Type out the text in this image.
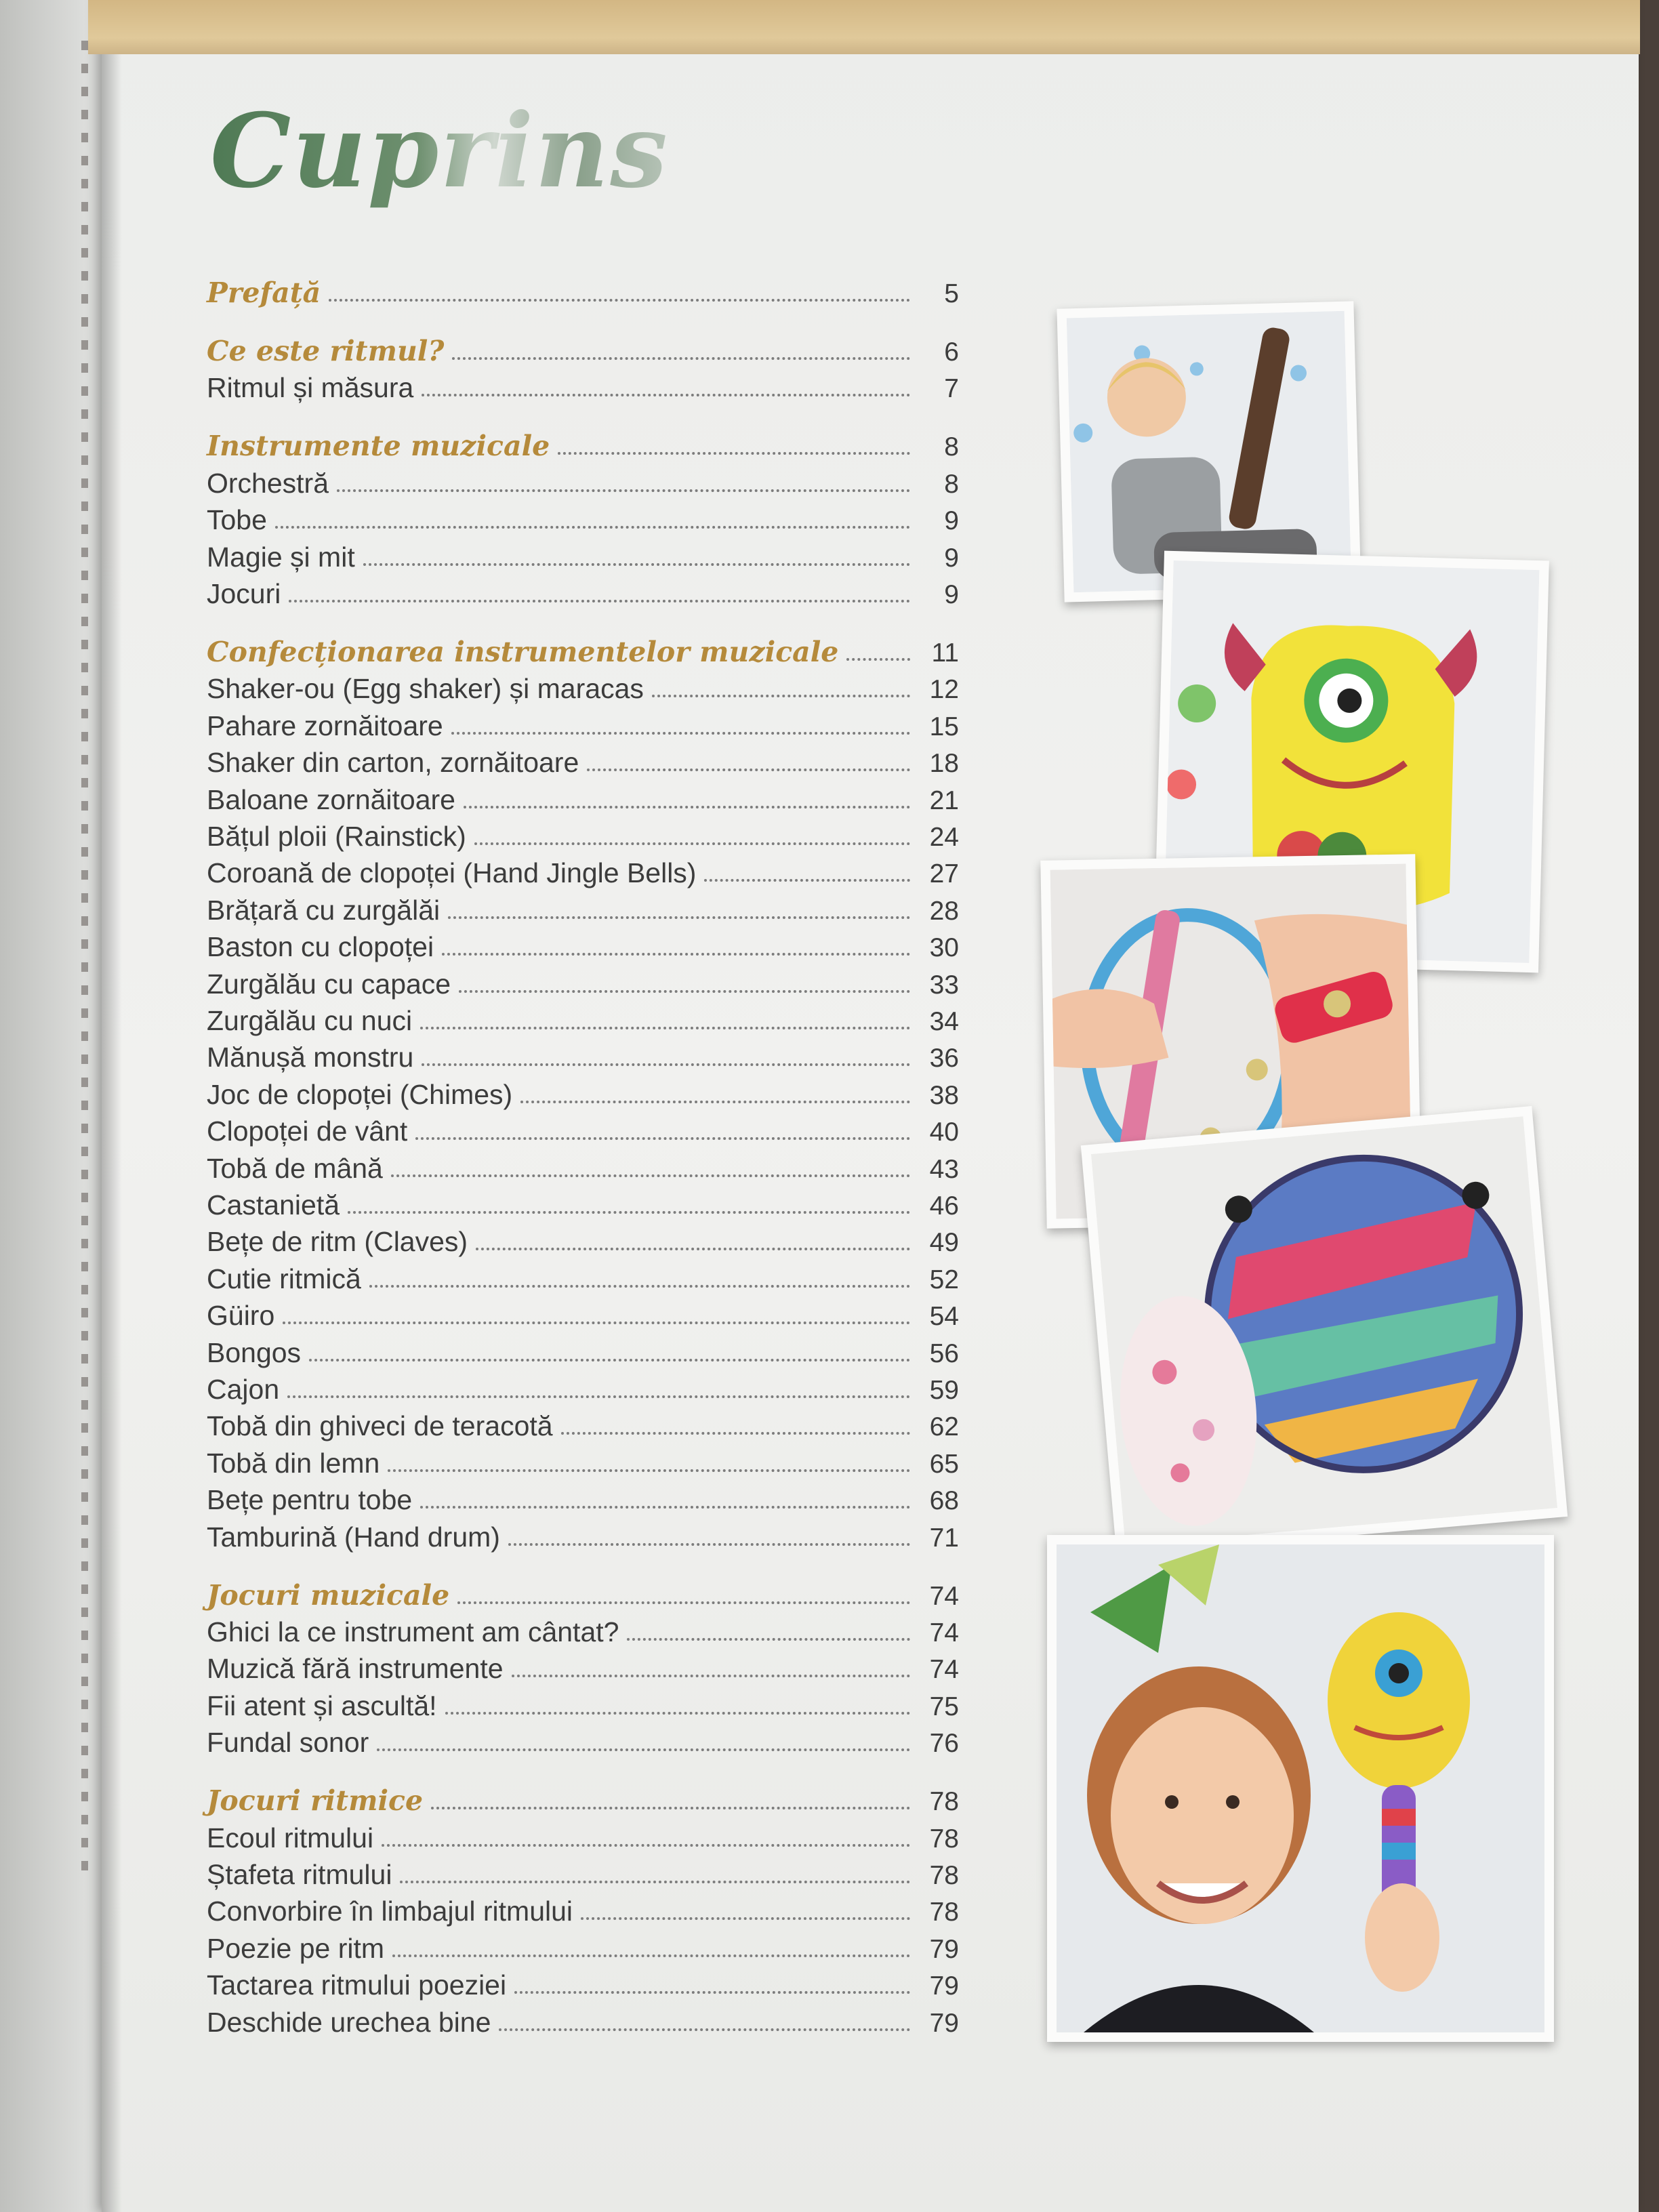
Cuprins
Prefață	5
Ce este ritmul?	6
Ritmul și măsura	7
Instrumente muzicale	8
Orchestră	8
Tobe	9
Magie și mit	9
Jocuri	9
Confecționarea instrumentelor muzicale	11
Shaker-ou (Egg shaker) și maracas	12
Pahare zornăitoare	15
Shaker din carton, zornăitoare	18
Baloane zornăitoare	21
Bățul ploii (Rainstick)	24
Coroană de clopoței (Hand Jingle Bells)	27
Brățară cu zurgălăi	28
Baston cu clopoței	30
Zurgălău cu capace	33
Zurgălău cu nuci	34
Mănușă monstru	36
Joc de clopoței (Chimes)	38
Clopoței de vânt	40
Tobă de mână	43
Castanietă	46
Bețe de ritm (Claves)	49
Cutie ritmică	52
Güiro	54
Bongos	56
Cajon	59
Tobă din ghiveci de teracotă	62
Tobă din lemn	65
Bețe pentru tobe	68
Tamburină (Hand drum)	71
Jocuri muzicale	74
Ghici la ce instrument am cântat?	74
Muzică fără instrumente	74
Fii atent și ascultă!	75
Fundal sonor	76
Jocuri ritmice	78
Ecoul ritmului	78
Ștafeta ritmului	78
Convorbire în limbajul ritmului	78
Poezie pe ritm	79
Tactarea ritmului poeziei	79
Deschide urechea bine	79
